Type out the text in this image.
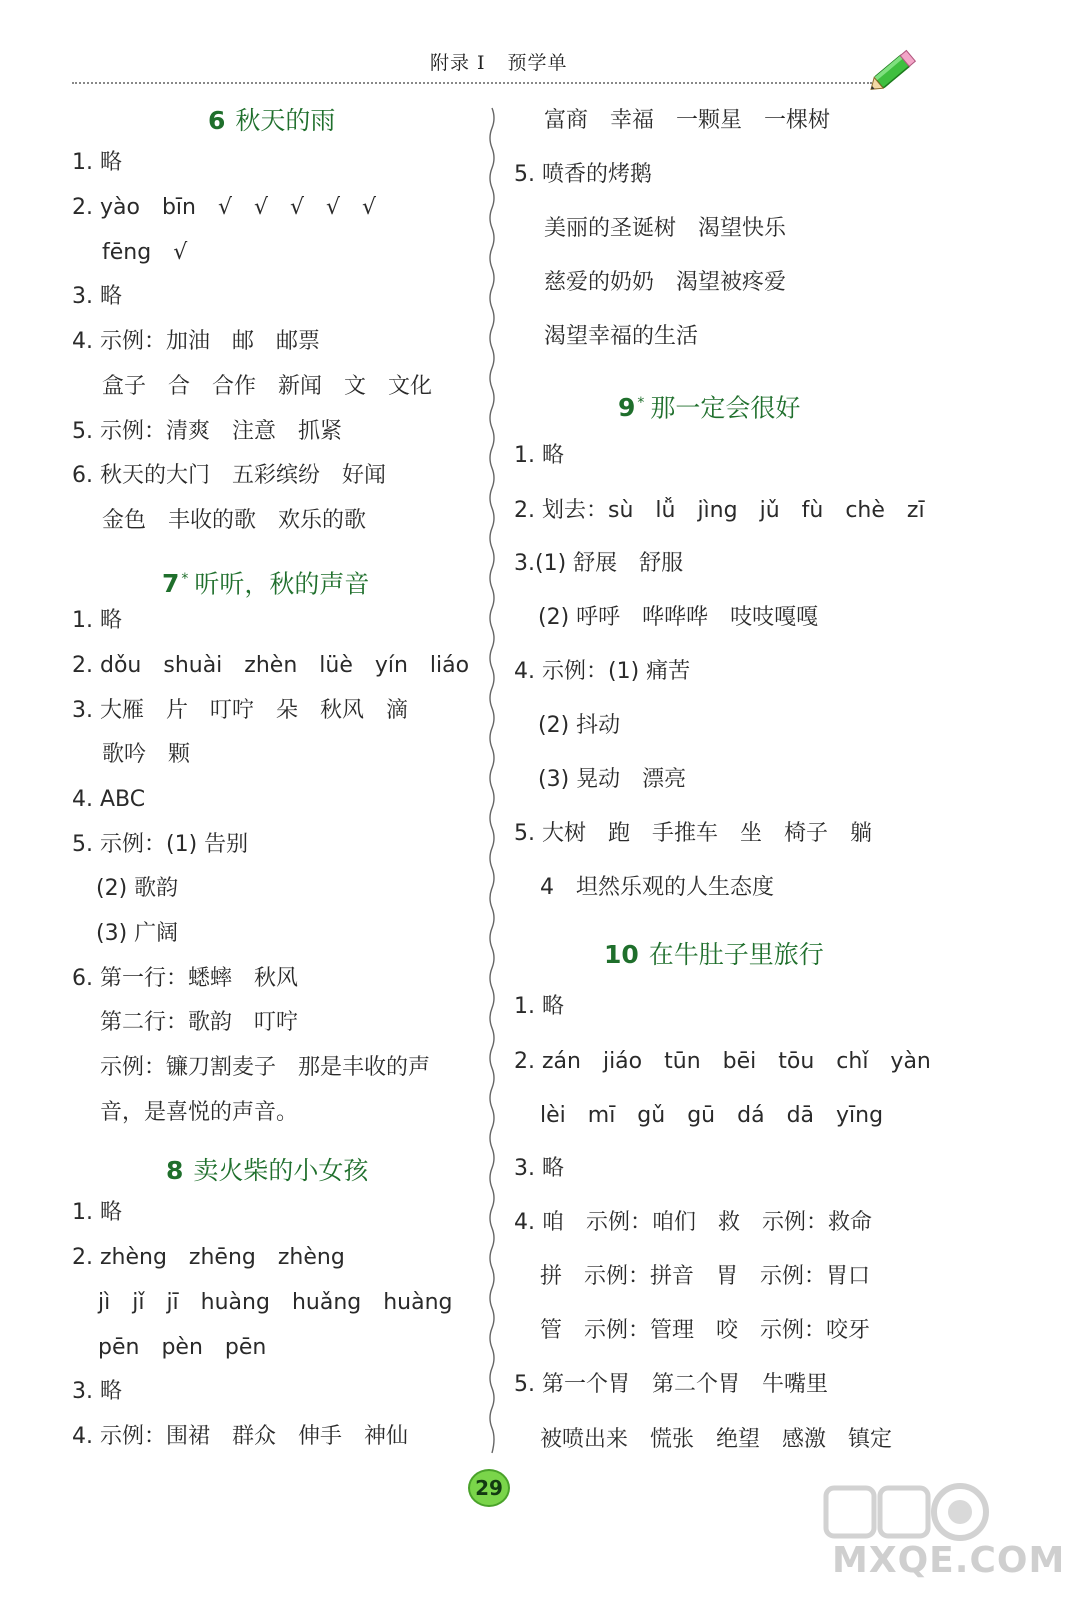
附录 I 预学单
6 秋天的雨
1. 略
2. yào　bīn　√　√　√　√　√
fēng　√
3. 略
4. 示例：加油　邮　邮票
盒子　合　合作　新闻　文　文化
5. 示例：清爽　注意　抓紧
6. 秋天的大门　五彩缤纷　好闻
金色　丰收的歌　欢乐的歌
7 * 听听，秋的声音
1. 略
2. dǒu　shuài　zhèn　lüè　yín　liáo
3. 大雁　片　叮咛　朵　秋风　滴
歌吟　颗
4. ABC
5. 示例：(1) 告别
(2) 歌韵
(3) 广阔
6. 第一行：蟋蟀　秋风
第二行：歌韵　叮咛
示例：镰刀割麦子　那是丰收的声
音，是喜悦的声音。
8 卖火柴的小女孩
1. 略
2. zhèng　zhēng　zhèng
jì　jǐ　jī　huàng　huǎng　huàng
pēn　pèn　pēn
3. 略
4. 示例：围裙　群众　伸手　神仙
富商　幸福　一颗星　一棵树
5. 喷香的烤鹅
美丽的圣诞树　渴望快乐
慈爱的奶奶　渴望被疼爱
渴望幸福的生活
9 * 那一定会很好
1. 略
2. 划去：sù　lǚ　jìng　jǔ　fù　chè　zī
3.(1) 舒展　舒服
(2) 呼呼　哗哗哗　吱吱嘎嘎
4. 示例：(1) 痛苦
(2) 抖动
(3) 晃动　漂亮
5. 大树　跑　手推车　坐　椅子　躺
4　坦然乐观的人生态度
10 在牛肚子里旅行
1. 略
2. zán　jiáo　tūn　bēi　tōu　chǐ　yàn
lèi　mī　gǔ　gū　dá　dā　yīng
3. 略
4. 咱　示例：咱们　救　示例：救命
拼　示例：拼音　胃　示例：胃口
管　示例：管理　咬　示例：咬牙
5. 第一个胃　第二个胃　牛嘴里
被喷出来　慌张　绝望　感激　镇定
29
MXQE.COM
